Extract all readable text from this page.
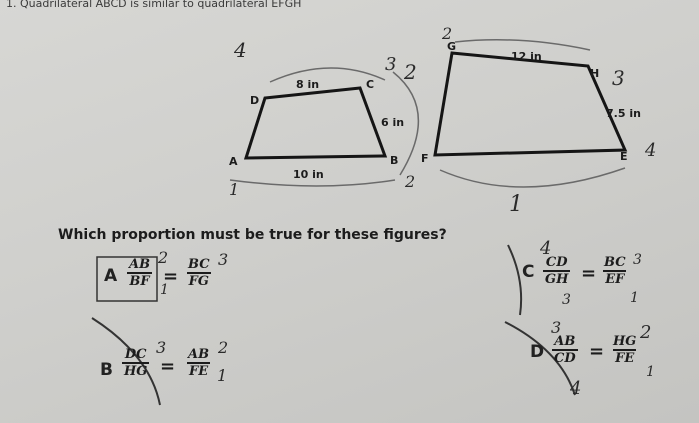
1. Quadrilateral ABCD is similar to quadrilateral EFGH
A	B
C
D
8 in
6 in
10 in
F
G
H
E
12 in
7.5 in
4
3 2
2
3
4
1	2
1
Which proportion must be true for these figures?
A $\frac{AB}{BF} = \frac{BC}{FG}$
2	3
1
B $\frac{DC}{HG} = \frac{AB}{FE}$
3	2
1
C $\frac{CD}{GH} = \frac{BC}{EF}$
4
3
3	1
D $\frac{AB}{CD} = \frac{HG}{FE}$
3	2
4
1
